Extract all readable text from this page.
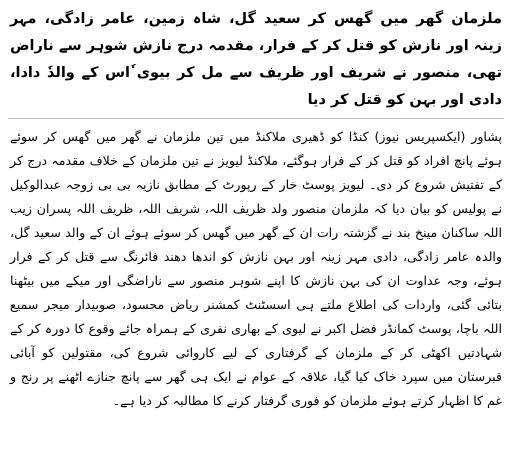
ملزمان گھر میں گھس کر سعید گل، شاہ زمین، عامر زادگی، مہر زینہ اور نازش کو قتل کر کے فرار، مقدمہ درج نازش شوہر سے ناراض تھی، منصور نے شریف اور ظریف سے مل کر بیوی ٗاس کے والدٗ دادا، دادی اور بہن کو قتل کر دیا

پشاور (ایکسپریس نیوز) کنڈا کو ڈھیری ملاکنڈ میں تین ملزمان نے گھر میں گھس کر سوئے ہوئے پانچ افراد کو قتل کر کے فرار ہوگئے، ملاکنڈ لیویز نے تین ملزمان کے خلاف مقدمہ درج کر کے تفتیش شروع کر دی۔ لیویز پوسٹ خار کے رپورٹ کے مطابق نازیہ بی بی زوجہ عبدالوکیل نے پولیس کو بیان دیا کہ ملزمان منصور ولد ظریف اللہ، شریف اللہ، ظریف اللہ پسران زیب اللہ ساکنان مینخ بند نے گزشتہ رات ان کے گھر میں گھس کر سوئے ہوئے ان کے والد سعید گل، والدہ عامر زادگی، دادی مہر زینہ اور بہن نازش کو اندھا دھند فائرنگ سے قتل کر کے فرار ہوئے، وجہ عداوت ان کی بہن نازش کا اپنے شوہر منصور سے ناراضگی اور میکے میں بیٹھنا بتائی گئی، واردات کی اطلاع ملتے ہی اسسٹنٹ کمشنر ریاض محسود، صوبیدار میجر سمیع اللہ باچا، پوسٹ کمانڈر فضل اکبر نے لیوی کے بھاری نفری کے ہمراہ جائے وقوع کا دورہ کر کے شہادتیں اکھٹی کر کے ملزمان کے گرفتاری کے لیے کاروائی شروع کی، مقتولین کو آبائی قبرستان میں سپرد خاک کیا گیا، علاقہ کے عوام نے ایک ہی گھر سے پانچ جنازے اٹھنے پر رنج و غم کا اظہار کرتے ہوئے ملزمان کو فوری گرفتار کرنے کا مطالبہ کر دیا ہے۔
